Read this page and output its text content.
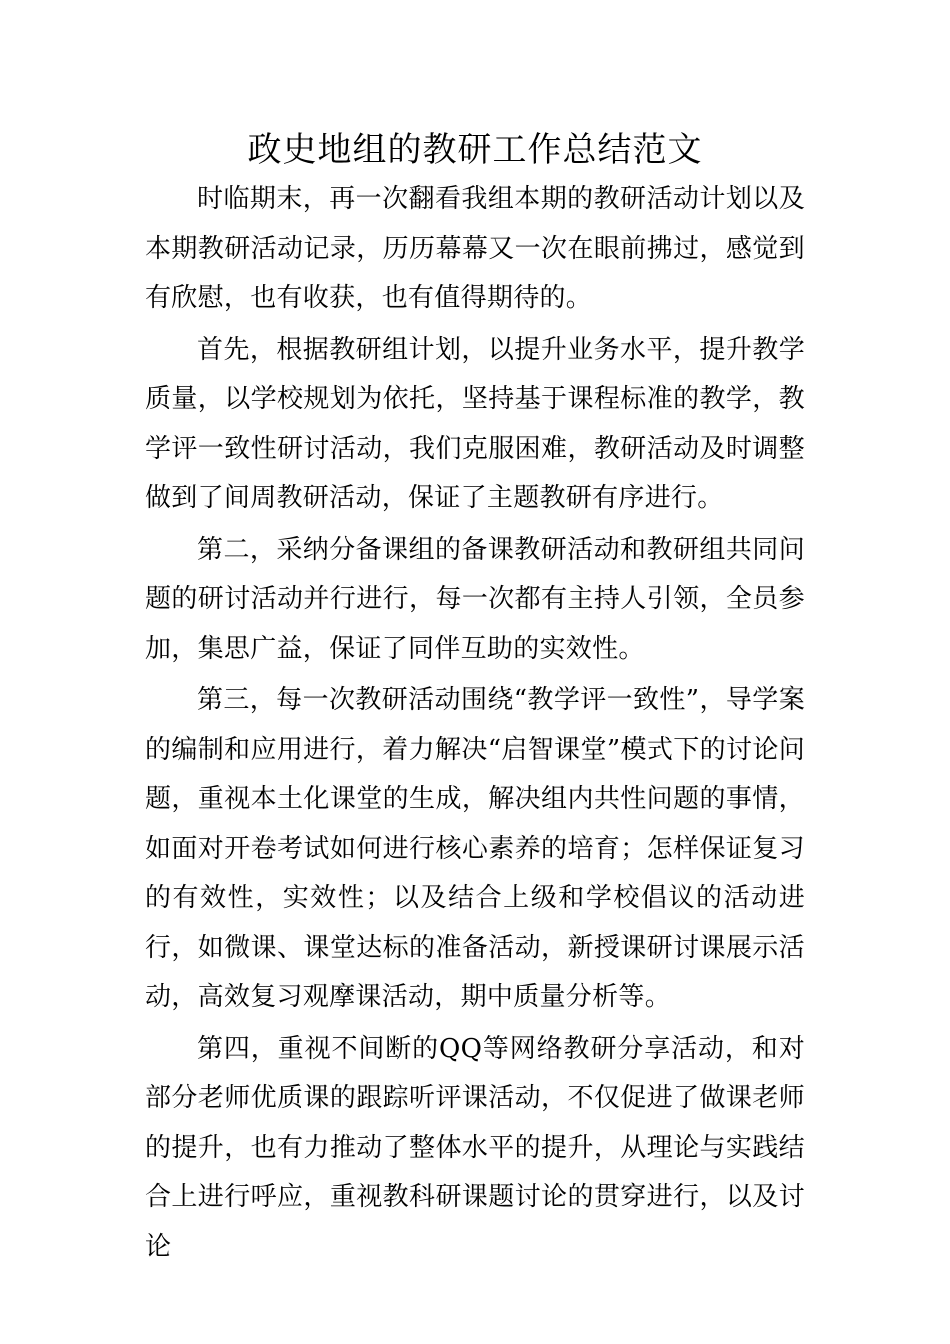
政史地组的教研工作总结范文

时临期末，再一次翻看我组本期的教研活动计划以及本期教研活动记录，历历幕幕又一次在眼前拂过，感觉到有欣慰，也有收获，也有值得期待的。

首先，根据教研组计划，以提升业务水平，提升教学质量，以学校规划为依托，坚持基于课程标准的教学，教学评一致性研讨活动，我们克服困难，教研活动及时调整做到了间周教研活动，保证了主题教研有序进行。

第二，采纳分备课组的备课教研活动和教研组共同问题的研讨活动并行进行，每一次都有主持人引领，全员参加，集思广益，保证了同伴互助的实效性。

第三，每一次教研活动围绕“教学评一致性”，导学案的编制和应用进行，着力解决“启智课堂”模式下的讨论问题，重视本土化课堂的生成，解决组内共性问题的事情，如面对开卷考试如何进行核心素养的培育；怎样保证复习的有效性，实效性；以及结合上级和学校倡议的活动进行，如微课、课堂达标的准备活动，新授课研讨课展示活动，高效复习观摩课活动，期中质量分析等。

第四，重视不间断的QQ等网络教研分享活动，和对部分老师优质课的跟踪听评课活动，不仅促进了做课老师的提升，也有力推动了整体水平的提升，从理论与实践结合上进行呼应，重视教科研课题讨论的贯穿进行，以及讨论
